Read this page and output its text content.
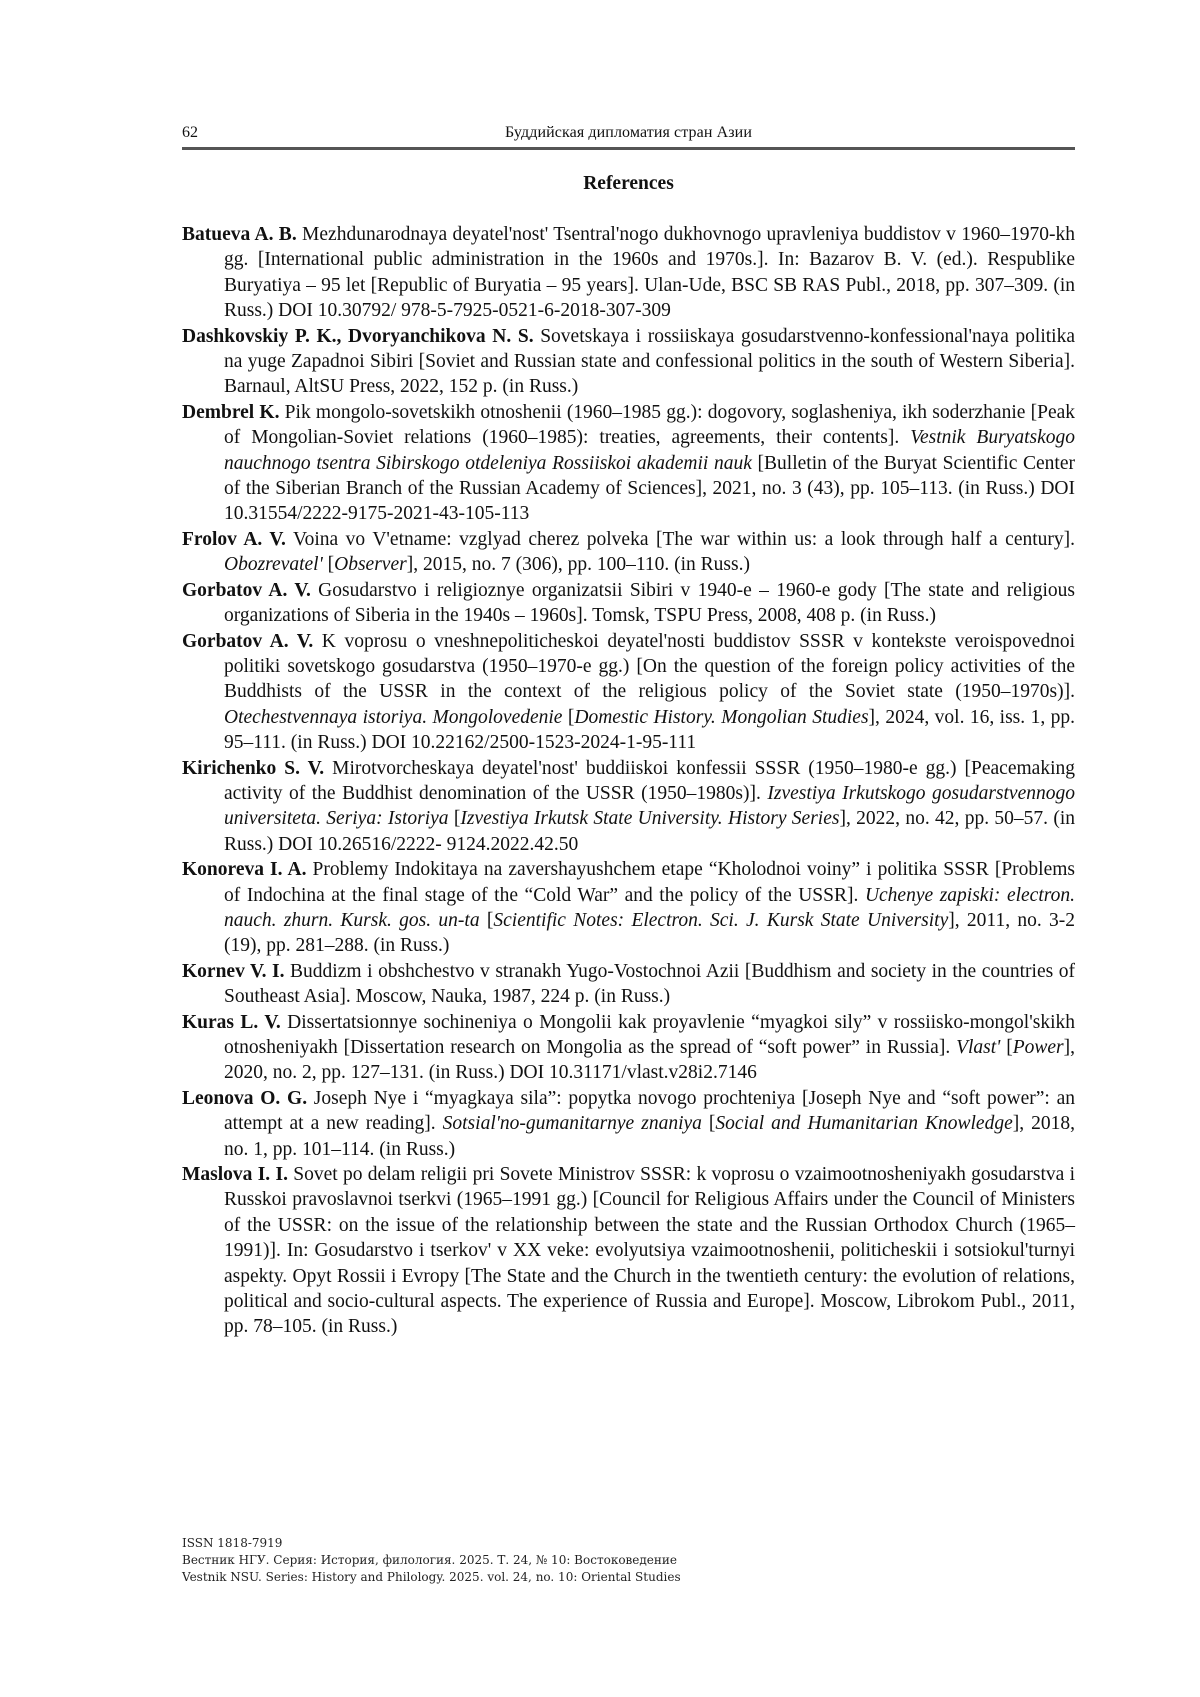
62	Буддийская дипломатия стран Азии
References

Batueva A. B. Mezhdunarodnaya deyatel'nost' Tsentral'nogo dukhovnogo upravleniya buddistov v 1960–1970-kh gg. [International public administration in the 1960s and 1970s.]. In: Bazarov B. V. (ed.). Respublike Buryatiya – 95 let [Republic of Buryatia – 95 years]. Ulan-Ude, BSC SB RAS Publ., 2018, pp. 307–309. (in Russ.) DOI 10.30792/ 978-5-7925-0521-6-2018-307-309

Dashkovskiy P. K., Dvoryanchikova N. S. Sovetskaya i rossiiskaya gosudarstvenno-konfessional'naya politika na yuge Zapadnoi Sibiri [Soviet and Russian state and confessional politics in the south of Western Siberia]. Barnaul, AltSU Press, 2022, 152 p. (in Russ.)

Dembrel K. Pik mongolo-sovetskikh otnoshenii (1960–1985 gg.): dogovory, soglasheniya, ikh soderzhanie [Peak of Mongolian-Soviet relations (1960–1985): treaties, agreements, their contents]. Vestnik Buryatskogo nauchnogo tsentra Sibirskogo otdeleniya Rossiiskoi akademii nauk [Bulletin of the Buryat Scientific Center of the Siberian Branch of the Russian Academy of Sciences], 2021, no. 3 (43), pp. 105–113. (in Russ.) DOI 10.31554/2222-9175-2021-43-105-113

Frolov A. V. Voina vo V'etname: vzglyad cherez polveka [The war within us: a look through half a century]. Obozrevatel' [Observer], 2015, no. 7 (306), pp. 100–110. (in Russ.)

Gorbatov A. V. Gosudarstvo i religioznye organizatsii Sibiri v 1940-e – 1960-e gody [The state and religious organizations of Siberia in the 1940s – 1960s]. Tomsk, TSPU Press, 2008, 408 p. (in Russ.)

Gorbatov A. V. K voprosu o vneshnepoliticheskoi deyatel'nosti buddistov SSSR v kontekste veroispovednoi politiki sovetskogo gosudarstva (1950–1970-e gg.) [On the question of the foreign policy activities of the Buddhists of the USSR in the context of the religious policy of the Soviet state (1950–1970s)]. Otechestvennaya istoriya. Mongolovedenie [Domestic History. Mongolian Studies], 2024, vol. 16, iss. 1, pp. 95–111. (in Russ.) DOI 10.22162/2500-1523-2024-1-95-111

Kirichenko S. V. Mirotvorcheskaya deyatel'nost' buddiiskoi konfessii SSSR (1950–1980-e gg.) [Peacemaking activity of the Buddhist denomination of the USSR (1950–1980s)]. Izvestiya Irkutskogo gosudarstvennogo universiteta. Seriya: Istoriya [Izvestiya Irkutsk State University. History Series], 2022, no. 42, pp. 50–57. (in Russ.) DOI 10.26516/2222- 9124.2022.42.50

Konoreva I. A. Problemy Indokitaya na zavershayushchem etape “Kholodnoi voiny” i politika SSSR [Problems of Indochina at the final stage of the “Cold War” and the policy of the USSR]. Uchenye zapiski: electron. nauch. zhurn. Kursk. gos. un-ta [Scientific Notes: Electron. Sci. J. Kursk State University], 2011, no. 3-2 (19), pp. 281–288. (in Russ.)

Kornev V. I. Buddizm i obshchestvo v stranakh Yugo-Vostochnoi Azii [Buddhism and society in the countries of Southeast Asia]. Moscow, Nauka, 1987, 224 p. (in Russ.)

Kuras L. V. Dissertatsionnye sochineniya o Mongolii kak proyavlenie “myagkoi sily” v rossiisko-mongol'skikh otnosheniyakh [Dissertation research on Mongolia as the spread of “soft power” in Russia]. Vlast' [Power], 2020, no. 2, pp. 127–131. (in Russ.) DOI 10.31171/vlast.v28i2.7146

Leonova O. G. Joseph Nye i “myagkaya sila”: popytka novogo prochteniya [Joseph Nye and “soft power”: an attempt at a new reading]. Sotsial'no-gumanitarnye znaniya [Social and Humanitarian Knowledge], 2018, no. 1, pp. 101–114. (in Russ.)

Maslova I. I. Sovet po delam religii pri Sovete Ministrov SSSR: k voprosu o vzaimootnosheniyakh gosudarstva i Russkoi pravoslavnoi tserkvi (1965–1991 gg.) [Council for Religious Affairs under the Council of Ministers of the USSR: on the issue of the relationship between the state and the Russian Orthodox Church (1965–1991)]. In: Gosudarstvo i tserkov' v XX veke: evolyutsiya vzaimootnoshenii, politicheskii i sotsiokul'turnyi aspekty. Opyt Rossii i Evropy [The State and the Church in the twentieth century: the evolution of relations, political and socio-cultural aspects. The experience of Russia and Europe]. Moscow, Librokom Publ., 2011, pp. 78–105. (in Russ.)

ISSN 1818-7919
Вестник НГУ. Серия: История, филология. 2025. Т. 24, № 10: Востоковедение
Vestnik NSU. Series: History and Philology. 2025. vol. 24, no. 10: Oriental Studies
